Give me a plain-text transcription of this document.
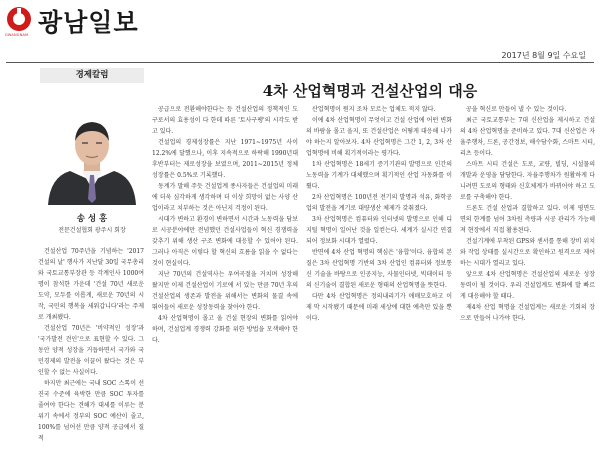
GWANGNAM 광남일보
2017년 8월 9일 수요일
경제칼럼
송 성 홍
전문건설협회 광주시 회장
4차 산업혁명과 건설산업의 대응

건설산업 70주년을 기념하는 '2017 건설의 날' 행사가 지난달 30일 국무총리와 국토교통부장관 등 각계인사 1000여명이 참석한 가운데 '건설 70년 새로운 도약, 모두를 이롭게, 새로운 70년의 시작, 국민의 행복을 세워갑니다'라는 주제로 개최됐다.

건설산업 70년은 '비약적인 성장'과 '국가발전 견인'으로 표현할 수 있다. 그동안 양적 성장을 거듭하면서 국가와 국민경제의 발전을 이끌어 왔다는 것은 부인할 수 없는 사실이다.

하지만 최근에는 국내 SOC 스톡이 선진국 수준에 육박한 만큼 SOC 투자를 줄여야 한다는 견해가 대세를 이루는 분위기 속에서 정부의 SOC 예산이 줄고, 100%를 넘어선 만큼 양적 공급에서 질적

공급으로 전환해야한다는 등 건설산업의 정책적인 도구로서의 효용성이 다 한데 따른 '토사구팽'의 시각도 받고 있다.

건설업의 경제성장률은 지난 1971~1975년 사이 12.2%에 달했으나, 이후 지속적으로 하락해 1990년대 후반부터는 제로성장을 보였으며, 2011~2015년 정체 성장률은 0.5%로 기록했다.

동계가 말해 주듯 건설업계 종사자들은 건설업의 미래에 더욱 심각하게 생각하며 더 이상 희망이 없는 사양 산업이라고 치부하는 것은 아닌지 걱정이 된다.

시대가 변하고 환경이 변하면서 시간과 노동력을 담보로 시공분야에만 전념했던 건설사업들이 혁신 경쟁력을 갖추기 위해 생산 구조 변화에 대응할 수 있어야 된다. 그러나 아직은 이렇다 할 혁신의 흐름을 읽을 수 없다는 것이 현실이다.

지난 70년의 건설역사는 우여곡절을 거치며 성장해 왔지만 이제 건설산업이 기로에 서 있는 만큼 70년 후의 건설산업의 생존과 발전을 위해서는 변화의 물결 속에 뛰어들어 새로운 성장동력을 찾아야 한다.

4차 산업혁명이 몰고 올 건설 현장의 변화를 읽어야 하며, 건설업계 경쟁력 강화를 위한 방법을 모색해야 한다.

산업혁명이 뭔지 조차 모르는 업체도 적지 않다.

이에 4차 산업혁명이 무엇이고 건설 산업에 어떤 변화의 바람을 몰고 올지, 또 건설산업은 어떻게 대응해 나가야 하는지 알아보자. 4차 산업혁명은 그간 1, 2, 3차 산업혁명에 비해 획기적이라는 평가다.

1차 산업혁명은 18세기 증기기관의 발명으로 인간의 노동력을 기계가 대체했으며 획기적인 산업 자동화를 이뤘다.

2차 산업혁명은 100년전 전기의 발명과 석유, 화학공업의 발전을 계기로 대량생산 체제가 갖춰졌다.

3차 산업혁명은 컴퓨터와 인터넷의 발명으로 인해 디지털 혁명이 일어난 것을 일컫는다. 세계가 실시간 연결되어 정보화 시대가 열렸다.

반면에 4차 산업 혁명의 핵심은 '융합'이다. 융합의 본질은 3차 산업혁명 기반의 3차 산업인 컴퓨터와 정보통신 기술을 바탕으로 인공지능, 사물인터넷, 빅데이터 등의 신기술이 결합된 새로운 형태의 산업혁명을 뜻한다.

다만 4차 산업혁명은 정의내리기가 애매모호하고 이제 막 시작됐기 때문에 미래 세상에 대한 예측만 있을 뿐이다.

공을 혁신로 만들어 낼 수 있는 것이다.

최근 국토교통부는 7대 신산업을 제시하고 건설의 4차 산업혁명을 준비하고 있다. 7대 신산업은 자율주행차, 드론, 공간정보, 해수담수화, 스마트 시티, 리츠 등이다.

스마트 시티 건설은 도로, 교량, 빌딩, 시설물의 개발과 운영을 담당한다. 자율주행차가 원활하게 다니려면 도로의 형태와 신호체계가 바뀌어야 하고 도로를 구축해야 한다.

드론도 건설 산업과 결합하고 있다. 이제 평면도면의 한계를 넘어 3차원 측량과 시공 관리가 가능해져 현장에서 직접 활용된다.

건설기계에 부착된 GPS와 센서를 통해 장비 위치와 작업 상태를 실시간으로 확인하고 원격으로 제어하는 시대가 열리고 있다.

앞으로 4차 산업혁명은 건설산업의 새로운 성장 동력이 될 것이다. 우리 건설업계도 변화에 발 빠르게 대응해야 할 때다.

제4차 산업 혁명을 건설업계는 새로운 기회의 장으로 만들어 나가야 한다.
